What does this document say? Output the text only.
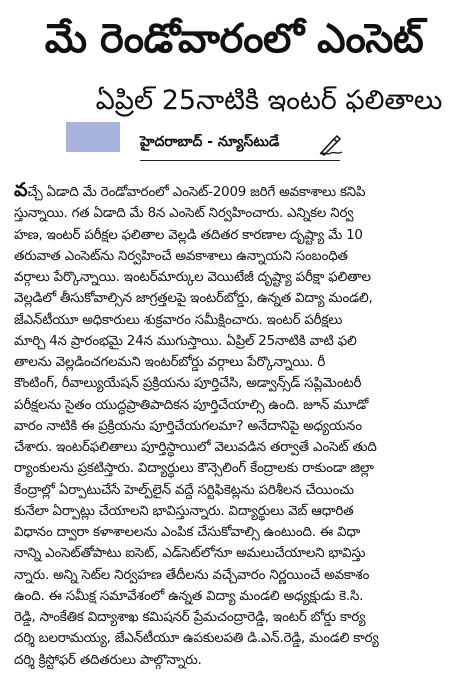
మే రెండోవారంలో ఎంసెట్
ఏప్రిల్ 25నాటికి ఇంటర్ ఫలితాలు
హైదరాబాద్ - న్యూస్‌టుడే

వచ్చే ఏడాది మే రెండోవారంలో ఎంసెట్-2009 జరిగే అవకాశాలు కనిపి

స్తున్నాయి. గత ఏడాది మే 8న ఎంసెట్ నిర్వహించారు. ఎన్నికల నిర్వ

హణ, ఇంటర్ పరీక్షల ఫలితాల వెల్లడి తదితర కారణాల దృష్ట్యా మే 10

తరువాత ఎంసెట్‌ను నిర్వహించే అవకాశాలు ఉన్నాయని సంబంధిత

వర్గాలు పేర్కొన్నాయి. ఇంటర్‌మార్కుల వెయిటేజీ దృష్ట్యా పరీక్షా ఫలితాల

వెల్లడిలో తీసుకోవాల్సిన జాగ్రత్తలపై ఇంటర్‌బోర్డు, ఉన్నత విద్యా మండలి,

జేఎన్‌టీయూ అధికారులు శుక్రవారం సమీక్షించారు. ఇంటర్ పరీక్షలు

మార్చి 4న ప్రారంభమై 24న ముగుస్తాయి. ఏప్రిల్ 25నాటికి వాటి ఫలి

తాలను వెల్లడించగలమని ఇంటర్‌బోర్డు వర్గాలు పేర్కొన్నాయి. రీ

కౌంటింగ్, రీవాల్యుయేషన్ ప్రక్రియను పూర్తిచేసి, అడ్వాన్స్‌డ్ సప్లిమెంటరీ

పరీక్షలను సైతం యుద్ధప్రాతిపాదికన పూర్తిచేయాల్సి ఉంది. జూన్ మూడో

వారం నాటికి ఈ ప్రక్రియను పూర్తిచేయగలమా? అనేదానిపై అధ్యయనం

చేశారు. ఇంటర్‌ఫలితాలు పూర్తిస్థాయిలో వెలువడిన తర్వాతే ఎంసెట్ తుది

ర్యాంకులను ప్రకటిస్తారు. విద్యార్థులు కౌన్సెలింగ్ కేంద్రాలకు రాకుండా జిల్లా

కేంద్రాల్లో ఏర్పాటుచేసే హెల్ప్‌లైన్ వద్దే సర్టిఫికెట్లను పరిశీలన చేయించు

కునేలా ఏర్పాట్లు చేయాలని భావిస్తున్నారు. విద్యార్థులు వెబ్ ఆధారిత

విధానం ద్వారా కళాశాలలను ఎంపిక చేసుకోవాల్సి ఉంటుంది. ఈ విధా

నాన్ని ఎంసెట్‌తోపాటు ఐసెట్, ఎడ్‌సెట్‌లోనూ అమలుచేయాలని భావిస్తు

న్నారు. అన్ని సెట్‌ల నిర్వహణ తేదీలను వచ్చేవారం నిర్ణయించే అవకాశం

ఉంది. ఈ సమీక్ష సమావేశంలో ఉన్నత విద్యా మండలి అధ్యక్షుడు కె.సి.

రెడ్డి, సాంకేతిక విద్యాశాఖ కమిషనర్ ప్రేమచంద్రారెడ్డి, ఇంటర్ బోర్డు కార్య

దర్శి బలరామయ్య, జేఎన్‌టీయూ ఉపకులపతి డి.ఎన్.రెడ్డి, మండలి కార్య

దర్శి క్రిస్టోఫర్ తదితరులు పాల్గొన్నారు.
